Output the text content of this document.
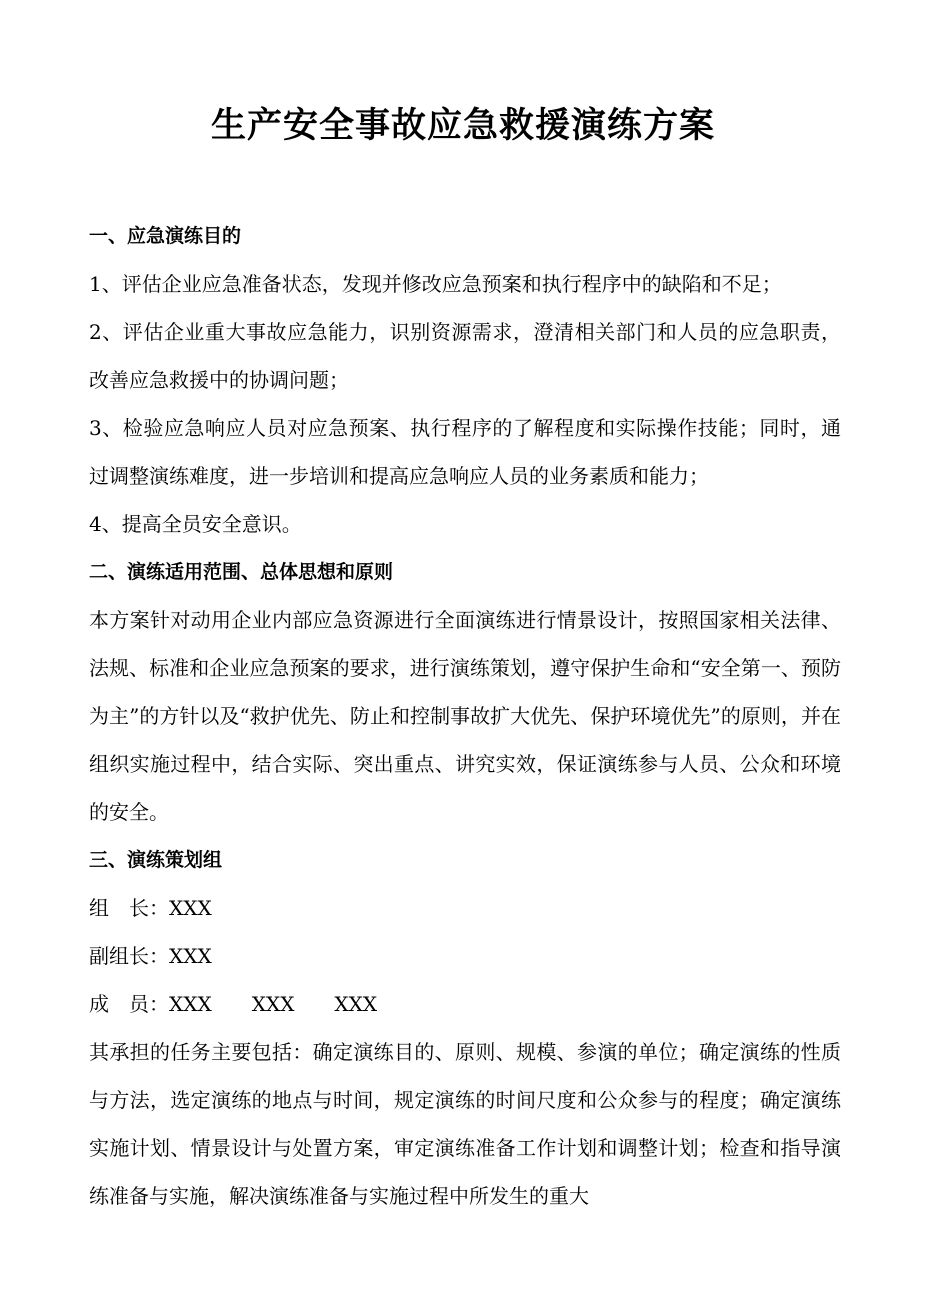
生产安全事故应急救援演练方案

一、应急演练目的

1、评估企业应急准备状态，发现并修改应急预案和执行程序中的缺陷和不足；

2、评估企业重大事故应急能力，识别资源需求，澄清相关部门和人员的应急职责，改善应急救援中的协调问题；

3、检验应急响应人员对应急预案、执行程序的了解程度和实际操作技能；同时，通过调整演练难度，进一步培训和提高应急响应人员的业务素质和能力；

4、提高全员安全意识。

二、演练适用范围、总体思想和原则

本方案针对动用企业内部应急资源进行全面演练进行情景设计，按照国家相关法律、法规、标准和企业应急预案的要求，进行演练策划，遵守保护生命和“安全第一、预防为主”的方针以及“救护优先、防止和控制事故扩大优先、保护环境优先”的原则，并在组织实施过程中，结合实际、突出重点、讲究实效，保证演练参与人员、公众和环境的安全。

三、演练策划组

组　长：XXX

副组长：XXX

成　员：XXX　　XXX　　XXX

其承担的任务主要包括：确定演练目的、原则、规模、参演的单位；确定演练的性质与方法，选定演练的地点与时间，规定演练的时间尺度和公众参与的程度；确定演练实施计划、情景设计与处置方案，审定演练准备工作计划和调整计划；检查和指导演练准备与实施，解决演练准备与实施过程中所发生的重大
